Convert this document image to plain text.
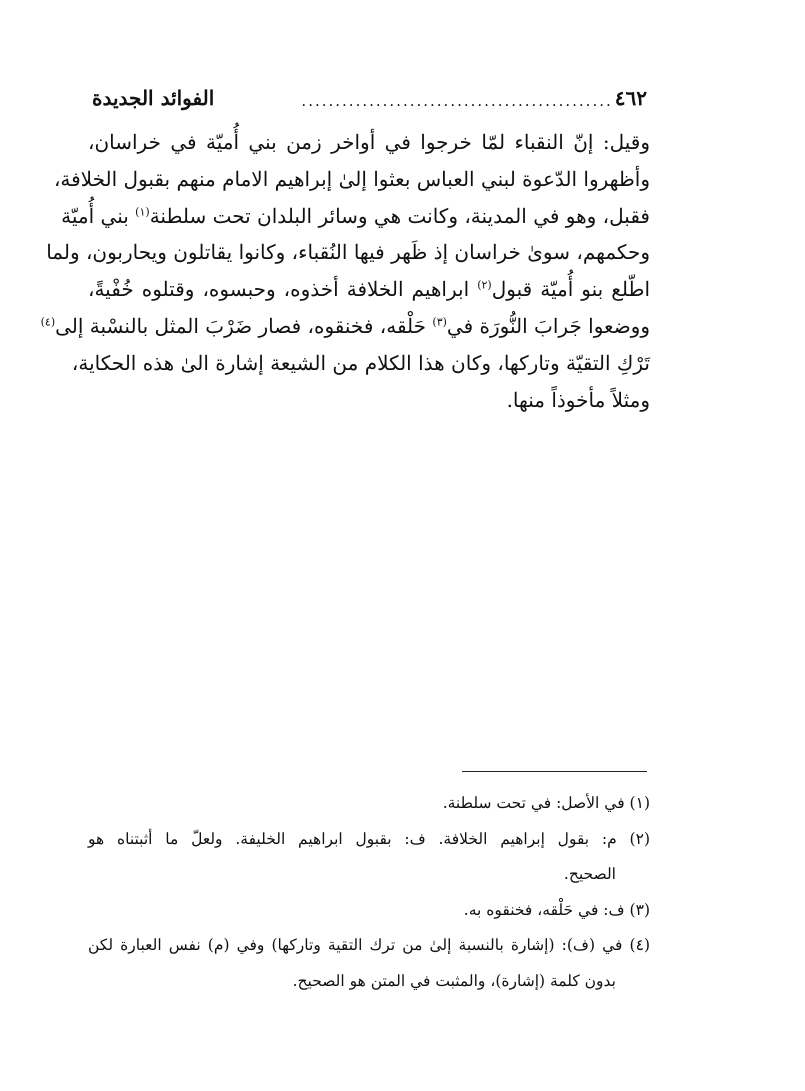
٤٦٢
..............................................
الفوائد الجديدة
وقيل: إنّ النقباء لمّا خرجوا في أواخر زمن بني أُميّة في خراسان،
وأظهروا الدّعوة لبني العباس بعثوا إلىٰ إبراهيم الامام منهم بقبول الخلافة،
فقبل، وهو في المدينة، وكانت هي وسائر البلدان تحت سلطنة$^{(١)}$ بني أُميّة
وحكمهم، سوىٰ خراسان إذ ظَهر فيها النُقباء، وكانوا يقاتلون ويحاربون، ولما
اطّلع بنو أُميّة قبول$^{(٢)}$ ابراهيم الخلافة أخذوه، وحبسوه، وقتلوه خُفْيةً،
ووضعوا جَرابَ النُّورَة في$^{(٣)}$ حَلْقه، فخنقوه، فصار ضَرْبَ المثل بالنسْبة إلى$^{(٤)}$
تَرْكِ التقيّة وتاركها، وكان هذا الكلام من الشيعة إشارة الىٰ هذه الحكاية،
ومثلاً مأخوذاً منها.
(١) في الأصل: في تحت سلطنة.
(٢) م: بقول إبراهيم الخلافة. ف: بقبول ابراهيم الخليفة. ولعلّ ما أثبتناه هو
الصحيح.
(٣) ف: في حَلْقه، فخنقوه به.
(٤) في (ف): (إشارة بالنسبة إلىٰ من ترك التقية وتاركها) وفي (م) نفس العبارة لكن
بدون كلمة (إشارة)، والمثبت في المتن هو الصحيح.
